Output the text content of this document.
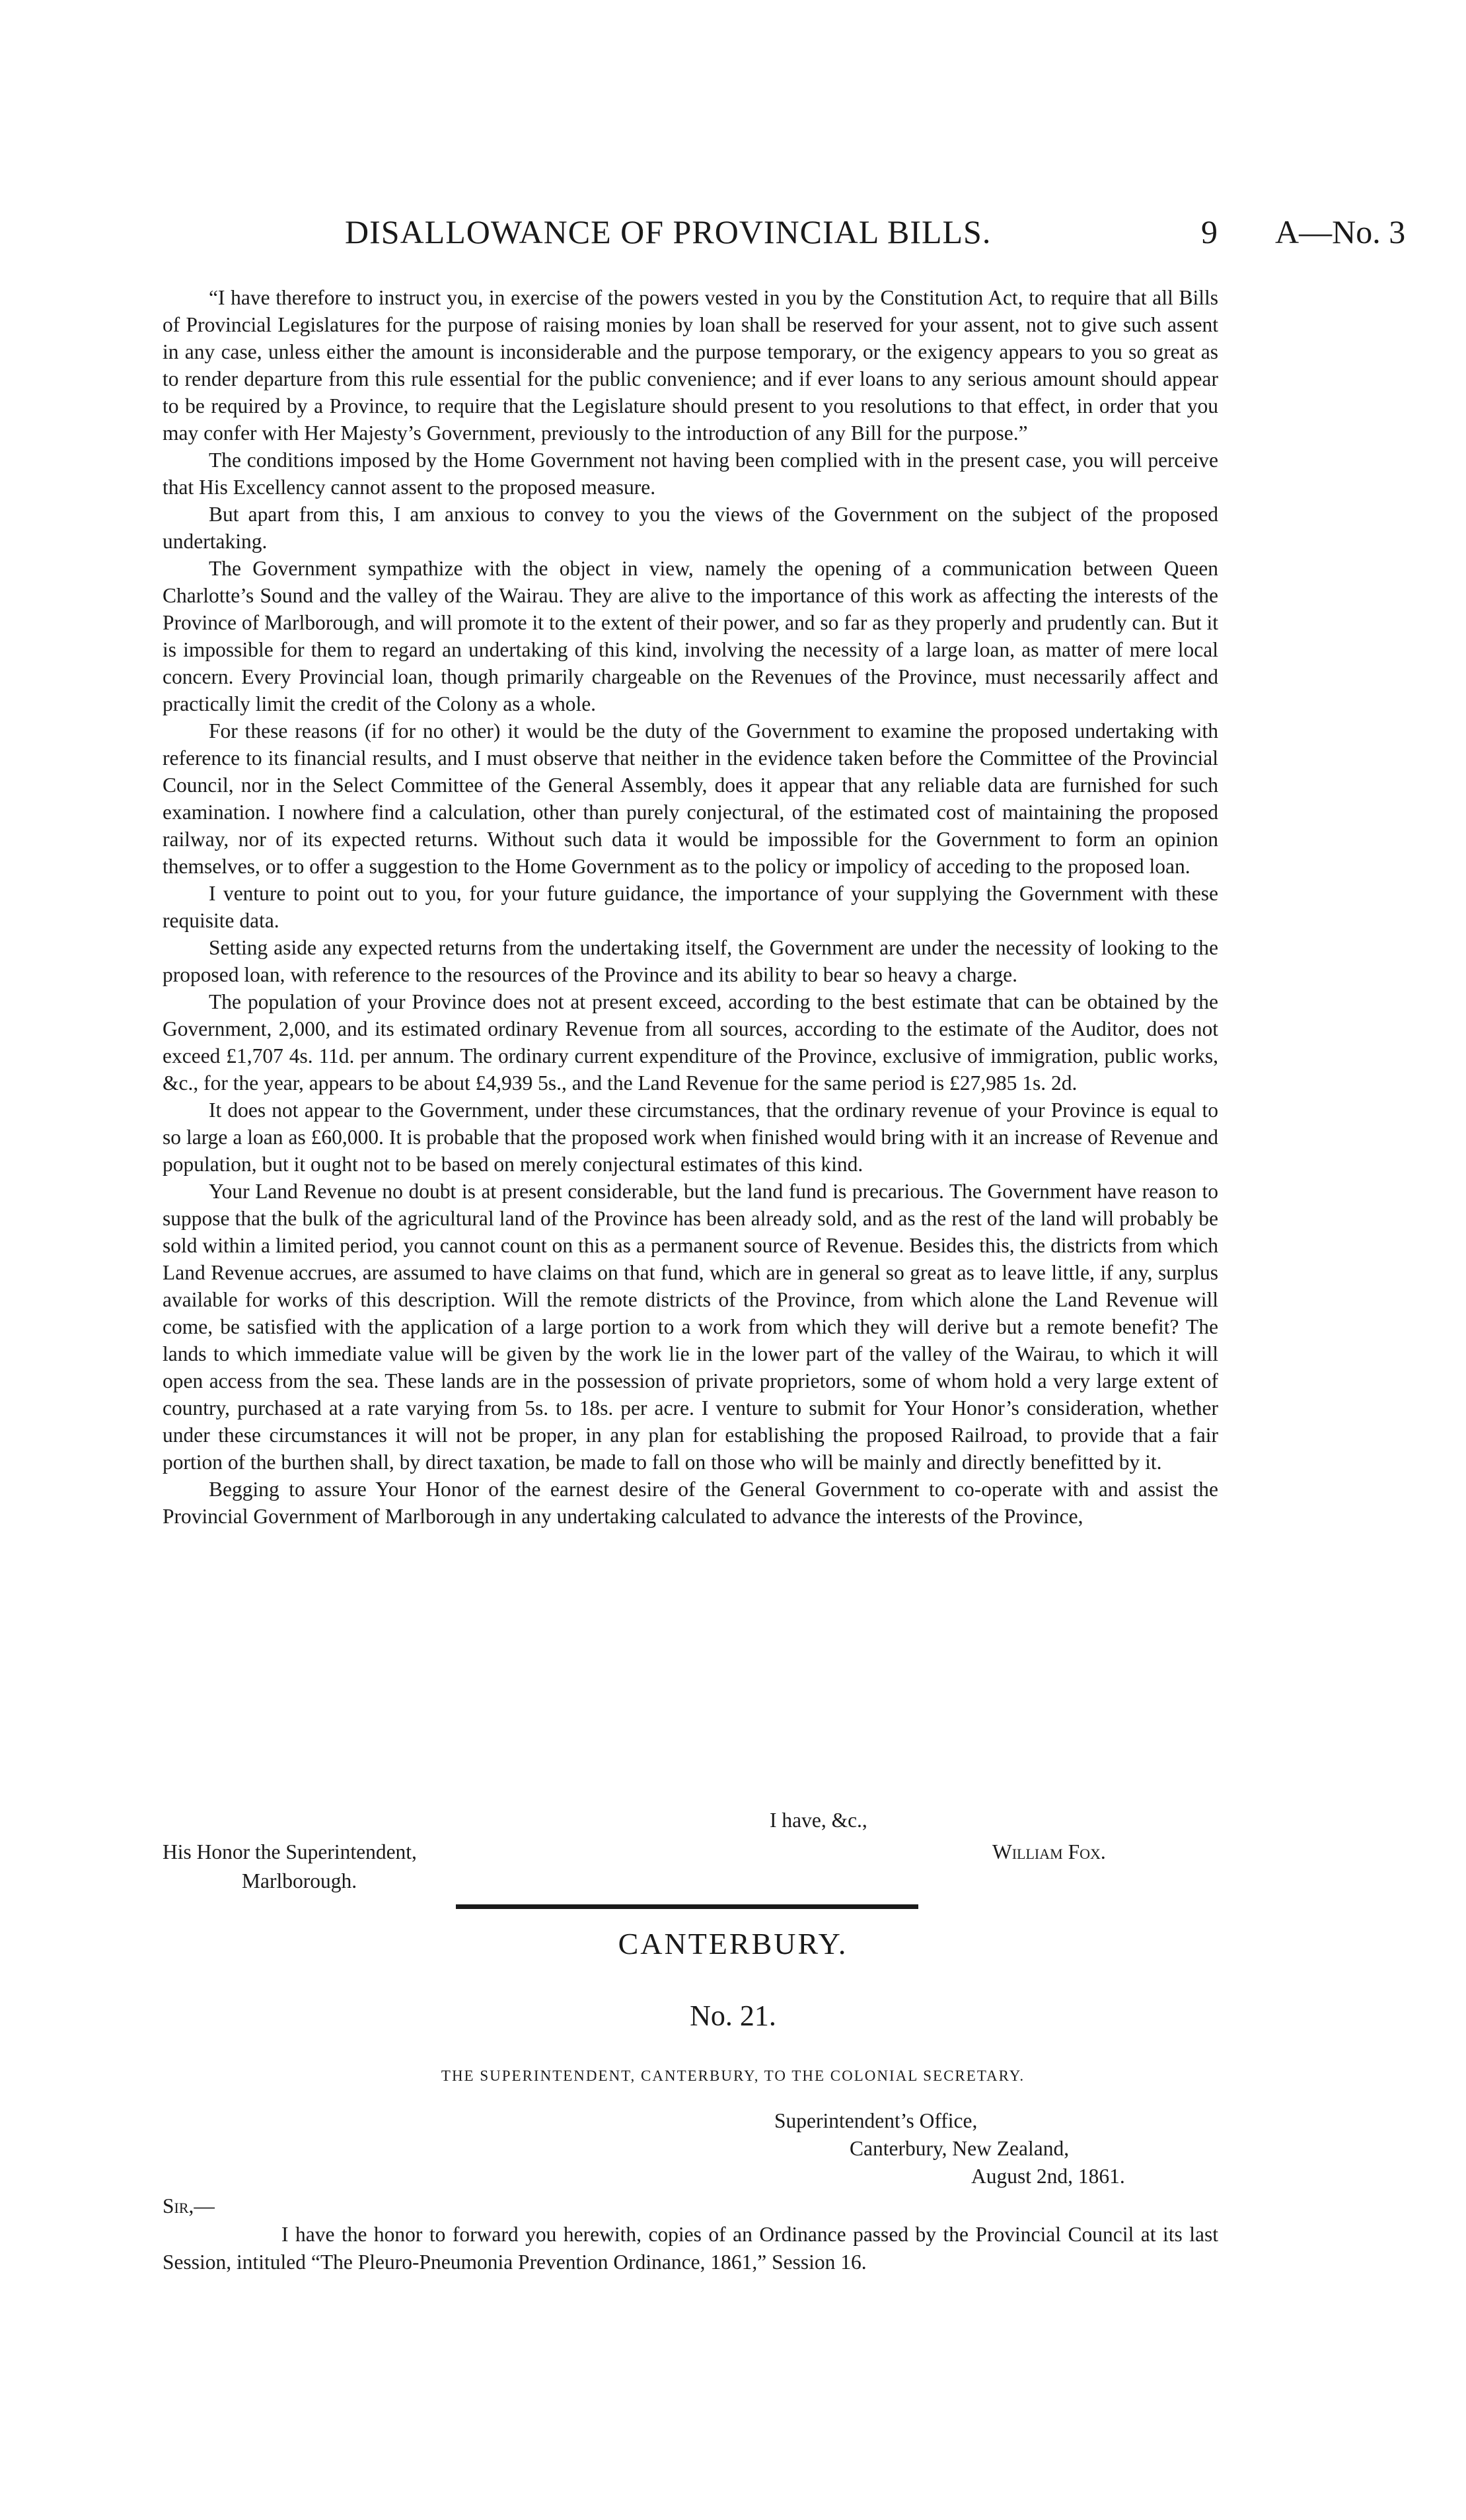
DISALLOWANCE OF PROVINCIAL BILLS.	9 A—No. 3

“I have therefore to instruct you, in exercise of the powers vested in you by the Constitution Act, to require that all Bills of Provincial Legislatures for the purpose of raising monies by loan shall be reserved for your assent, not to give such assent in any case, unless either the amount is inconsiderable and the purpose temporary, or the exigency appears to you so great as to render departure from this rule essential for the public convenience; and if ever loans to any serious amount should appear to be required by a Province, to require that the Legislature should present to you resolutions to that effect, in order that you may confer with Her Majesty’s Government, previously to the introduction of any Bill for the purpose.”

The conditions imposed by the Home Government not having been complied with in the present case, you will perceive that His Excellency cannot assent to the proposed measure.

But apart from this, I am anxious to convey to you the views of the Government on the subject of the proposed undertaking.

The Government sympathize with the object in view, namely the opening of a communication between Queen Charlotte’s Sound and the valley of the Wairau. They are alive to the importance of this work as affecting the interests of the Province of Marlborough, and will promote it to the extent of their power, and so far as they properly and prudently can. But it is impossible for them to regard an undertaking of this kind, involving the necessity of a large loan, as matter of mere local concern. Every Provincial loan, though primarily chargeable on the Revenues of the Province, must necessarily affect and practically limit the credit of the Colony as a whole.

For these reasons (if for no other) it would be the duty of the Government to examine the proposed undertaking with reference to its financial results, and I must observe that neither in the evidence taken before the Committee of the Provincial Council, nor in the Select Committee of the General Assembly, does it appear that any reliable data are furnished for such examination. I nowhere find a calculation, other than purely conjectural, of the estimated cost of maintaining the proposed railway, nor of its expected returns. Without such data it would be impossible for the Government to form an opinion themselves, or to offer a suggestion to the Home Government as to the policy or impolicy of acceding to the proposed loan.

I venture to point out to you, for your future guidance, the importance of your supplying the Government with these requisite data.

Setting aside any expected returns from the undertaking itself, the Government are under the necessity of looking to the proposed loan, with reference to the resources of the Province and its ability to bear so heavy a charge.

The population of your Province does not at present exceed, according to the best estimate that can be obtained by the Government, 2,000, and its estimated ordinary Revenue from all sources, according to the estimate of the Auditor, does not exceed £1,707 4s. 11d. per annum. The ordinary current expenditure of the Province, exclusive of immigration, public works, &c., for the year, appears to be about £4,939 5s., and the Land Revenue for the same period is £27,985 1s. 2d.

It does not appear to the Government, under these circumstances, that the ordinary revenue of your Province is equal to so large a loan as £60,000. It is probable that the proposed work when finished would bring with it an increase of Revenue and population, but it ought not to be based on merely conjectural estimates of this kind.

Your Land Revenue no doubt is at present considerable, but the land fund is precarious. The Government have reason to suppose that the bulk of the agricultural land of the Province has been already sold, and as the rest of the land will probably be sold within a limited period, you cannot count on this as a permanent source of Revenue. Besides this, the districts from which Land Revenue accrues, are assumed to have claims on that fund, which are in general so great as to leave little, if any, surplus available for works of this description. Will the remote districts of the Province, from which alone the Land Revenue will come, be satisfied with the application of a large portion to a work from which they will derive but a remote benefit? The lands to which immediate value will be given by the work lie in the lower part of the valley of the Wairau, to which it will open access from the sea. These lands are in the possession of private proprietors, some of whom hold a very large extent of country, purchased at a rate varying from 5s. to 18s. per acre. I venture to submit for Your Honor’s consideration, whether under these circumstances it will not be proper, in any plan for establishing the proposed Railroad, to provide that a fair portion of the burthen shall, by direct taxation, be made to fall on those who will be mainly and directly benefitted by it.

Begging to assure Your Honor of the earnest desire of the General Government to co-operate with and assist the Provincial Government of Marlborough in any undertaking calculated to advance the interests of the Province,

I have, &c.,
His Honor the Superintendent,
Marlborough.
William Fox.
CANTERBURY.
No. 21.
THE SUPERINTENDENT, CANTERBURY, TO THE COLONIAL SECRETARY.
Superintendent’s Office,
Canterbury, New Zealand,
August 2nd, 1861.
Sir,—

I have the honor to forward you herewith, copies of an Ordinance passed by the Provincial Council at its last Session, intituled “The Pleuro-Pneumonia Prevention Ordinance, 1861,” Session 16.
